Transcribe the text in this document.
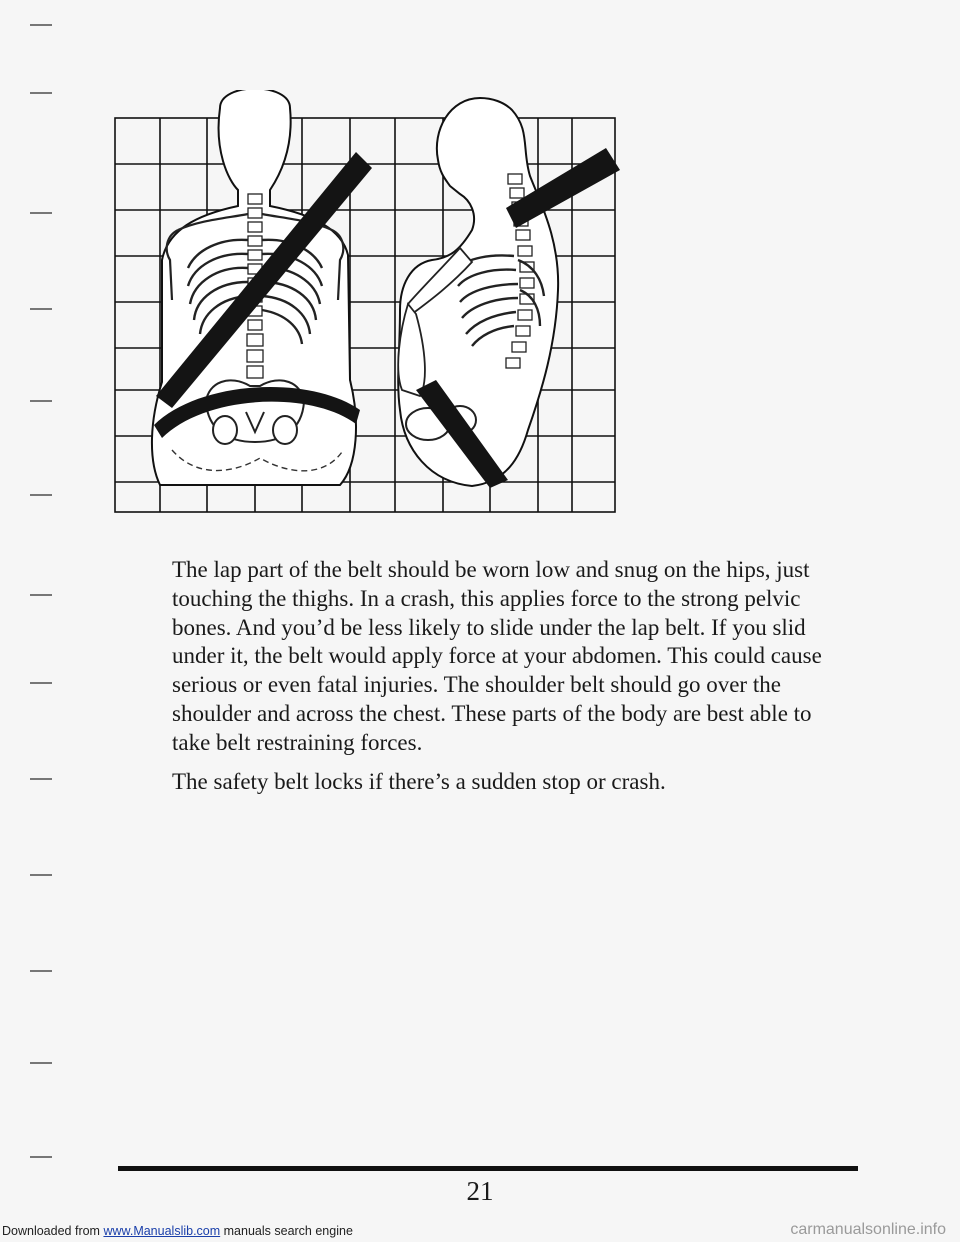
The lap part of the belt should be worn low and snug on the hips, just touching the thighs. In a crash, this applies force to the strong pelvic bones. And you’d be less likely to slide under the lap belt. If you slid under it, the belt would apply force at your abdomen. This could cause serious or even fatal injuries. The shoulder belt should go over the shoulder and across the chest. These parts of the body are best able to take belt restraining forces.

The safety belt locks if there’s a sudden stop or crash.

21
Downloaded from www.Manualslib.com manuals search engine	carmanualsonline.info
